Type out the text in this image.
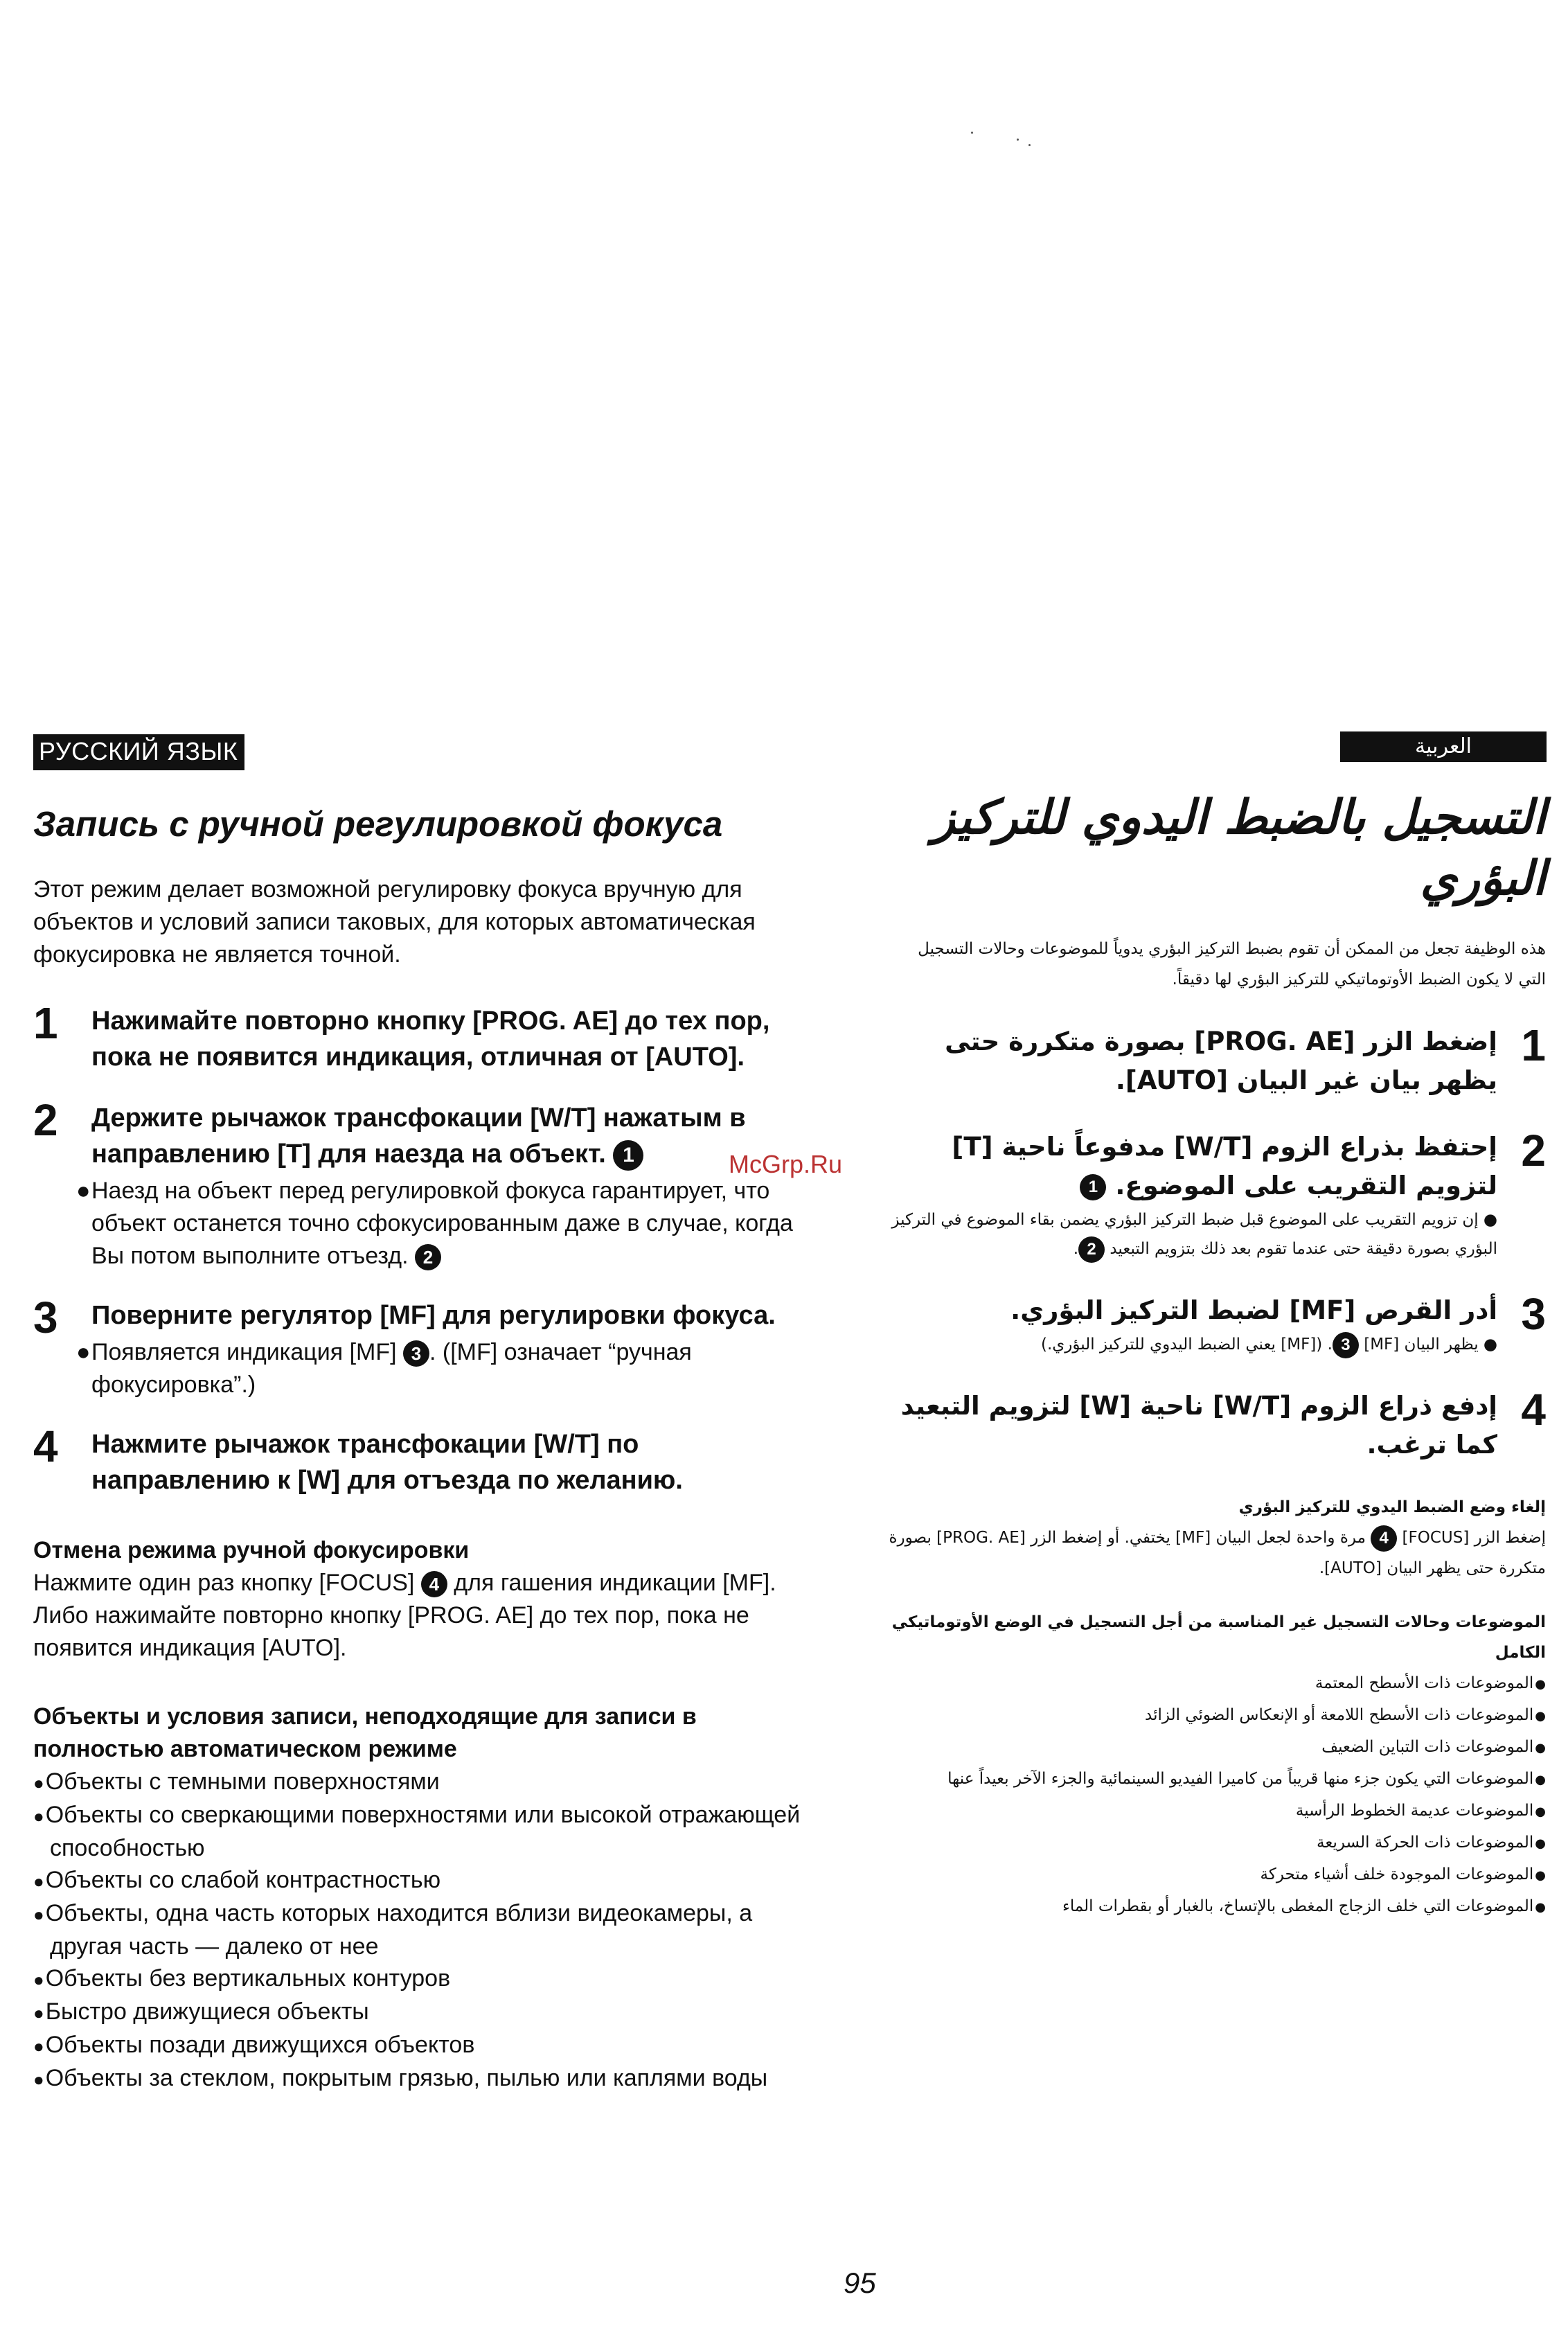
РУССКИЙ ЯЗЫК
Запись с ручной регулировкой фокуса
Этот режим делает возможной регулировку фокуса вручную для объектов и условий записи таковых, для которых автоматическая фокусировка не является точной.
1 Нажимайте повторно кнопку [PROG. AE] до тех пор, пока не появится индикация, отличная от [AUTO].
2 Держите рычажок трансфокации [W/T] нажатым в направлению [T] для наезда на объект. 1
●Наезд на объект перед регулировкой фокуса гарантирует, что объект останется точно сфокусированным даже в случае, когда Вы потом выполните отъезд. 2
3 Поверните регулятор [MF] для регулировки фокуса.
●Появляется индикация [MF] 3 . ([MF] означает “ручная фокусировка”.)
4 Нажмите рычажок трансфокации [W/T] по направлению к [W] для отъезда по желанию.
Отмена режима ручной фокусировки
Нажмите один раз кнопку [FOCUS] 4 для гашения индикации [MF]. Либо нажимайте повторно кнопку [PROG. AE] до тех пор, пока не появится индикация [AUTO].
Объекты и условия записи, неподходящие для записи в полностью автоматическом режиме
● Объекты с темными поверхностями
● Объекты со сверкающими поверхностями или высокой отражающей способностью
● Объекты со слабой контрастностью
● Объекты, одна часть которых находится вблизи видеокамеры, а другая часть — далеко от нее
● Объекты без вертикальных контуров
● Быстро движущиеся объекты
● Объекты позади движущихся объектов
● Объекты за стеклом, покрытым грязью, пылью или каплями воды
العربية
التسجيل بالضبط اليدوي للتركيز البؤري
هذه الوظيفة تجعل من الممكن أن تقوم بضبط التركيز البؤري يدوياً للموضوعات وحالات التسجيل التي لا يكون الضبط الأوتوماتيكي للتركيز البؤري لها دقيقاً.
1
إضغط الزر [PROG. AE] بصورة متكررة حتى يظهر بيان غير البيان [AUTO].
2
إحتفظ بذراع الزوم [W/T] مدفوعاً ناحية [T] لتزويم التقريب على الموضوع. 1
● إن تزويم التقريب على الموضوع قبل ضبط التركيز البؤري يضمن بقاء الموضوع في التركيز البؤري بصورة دقيقة حتى عندما تقوم بعد ذلك بتزويم التبعيد 2.
3
أدر القرص [MF] لضبط التركيز البؤري.
● يظهر البيان [MF] 3. ([MF] يعني الضبط اليدوي للتركيز البؤري.)
4
إدفع ذراع الزوم [W/T] ناحية [W] لتزويم التبعيد كما ترغب.
إلغاء وضع الضبط اليدوي للتركيز البؤري
إضغط الزر [FOCUS] 4 مرة واحدة لجعل البيان [MF] يختفي. أو إضغط الزر [PROG. AE] بصورة متكررة حتى يظهر البيان [AUTO].
الموضوعات وحالات التسجيل غير المناسبة من أجل التسجيل في الوضع الأوتوماتيكي الكامل
● الموضوعات ذات الأسطح المعتمة
● الموضوعات ذات الأسطح اللامعة أو الإنعكاس الضوئي الزائد
● الموضوعات ذات التباين الضعيف
● الموضوعات التي يكون جزء منها قريباً من كاميرا الفيديو السينمائية والجزء الآخر بعيداً عنها
● الموضوعات عديمة الخطوط الرأسية
● الموضوعات ذات الحركة السريعة
● الموضوعات الموجودة خلف أشياء متحركة
● الموضوعات التي خلف الزجاج المغطى بالإتساخ، بالغبار أو بقطرات الماء
McGrp.Ru
95
